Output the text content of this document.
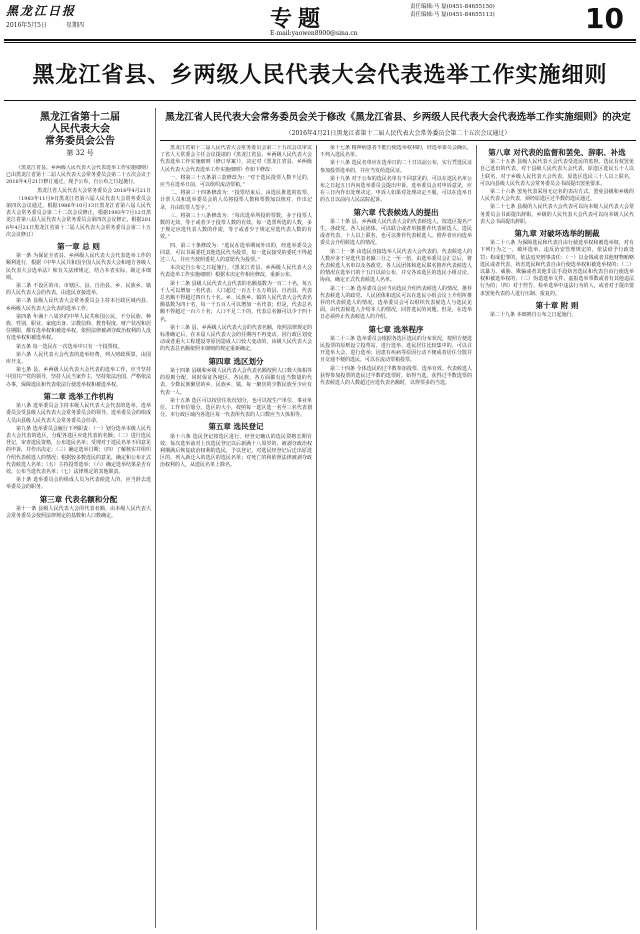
黑龙江日报
2016年5月5日	星期四	专题
E-mail:yaowen8900@sina.cn
责任编辑:马 磊(0451-84655150)
责任编辑:马 磊(0451-84655113)	10
黑龙江省县、乡两级人民代表大会代表选举工作实施细则
黑龙江省第十二届
人民代表大会
常务委员会公告
第 32 号
黑龙江省人民代表大会常务委员会关于修改《黑龙江省县、乡两级人民代表大会代表选举工作实施细则》的决定
（2016年4月21日黑龙江省第十二届人民代表大会常务委员会第二十五次会议通过）

《黑龙江省县、乡两级人民代表大会代表选举工作实施细则》已由黑龙江省第十二届人民代表大会常务委员会第二十五次会议于2016年4月21日修订通过，现予公布，自公布之日起施行。

黑龙江省人民代表大会常务委员会 2016年4月21日

（1983年11月9日黑龙江省第六届人民代表大会常务委员会第四次会议通过，根据1986年10月13日黑龙江省第六届人民代表大会常务委员会第二十二次会议修正，根据1993年7月12日黑龙江省第八届人民代表大会常务委员会第四次会议修正，根据2016年4月21日黑龙江省第十二届人民代表大会常务委员会第二十五次会议修订）

第一章 总 则

第一条 为保证全省县、乡两级人民代表大会代表选举工作的顺利进行，根据《中华人民共和国全国人民代表大会和地方各级人民代表大会选举法》和有关法律规定，结合本省实际，制定本细则。

第二条 不设区的市、市辖区、县、自治县、乡、民族乡、镇的人民代表大会的代表，由选民直接选举。

第三条 县级人民代表大会常务委员会主持本行政区域内县、乡两级人民代表大会代表的选举工作。

第四条 年满十八周岁的中华人民共和国公民，不分民族、种族、性别、职业、家庭出身、宗教信仰、教育程度、财产状况和居住期限，都有选举权和被选举权。依照法律被剥夺政治权利的人没有选举权和被选举权。

第五条 每一选民在一次选举中只有一个投票权。

第六条 人民代表大会代表的选举经费，列入财政预算，由国库开支。

第七条 县、乡两级人民代表大会代表的选举工作，应当坚持中国共产党的领导，坚持人民当家作主，坚持依法治国，严格依法办事，保障选民和代表依法行使选举权和被选举权。

第二章 选举工作机构

第八条 选举委员会主持本级人民代表大会代表的选举。选举委员会受县级人民代表大会常务委员会的领导。选举委员会的组成人员由县级人民代表大会常务委员会任命。

第九条 选举委员会履行下列职责：（一）划分选举本级人民代表大会代表的选区，分配各选区应选代表的名额；（二）进行选民登记，审查选民资格，公布选民名单；受理对于选民名单不同意见的申诉，并作出决定；（三）确定选举日期；（四）了解核实并组织介绍代表候选人的情况；根据较多数选民的意见，确定和公布正式代表候选人名单；（五）主持投票选举；（六）确定选举结果是否有效，公布当选代表名单；（七）法律规定的其他职责。

第十条 选举委员会的组成人员为代表候选人的，应当辞去选举委员会的职务。

第三章 代表名额和分配

第十一条 县级人民代表大会的代表名额，由本级人民代表大会常务委员会按照法律规定的基数和人口数确定。

黑龙江省第十二届人民代表大会常务委员会第二十五次会议审议了省人大常委会主任会议提请的《黑龙江省县、乡两级人民代表大会代表选举工作实施细则（修订草案）》，决定对《黑龙江省县、乡两级人民代表大会代表选举工作实施细则》作如下修改：

一、将第三十五条第三款修改为：“对于选民投票人数不足的，应当在选举日前，可以组织流动票箱。”

二、将第三十四条修改为：“投票结束后，由选民推选的监票、计票人员和选举委员会的人员将投票人数和票数加以核对，作出记录，并由监票人签字。”

三、将第三十八条修改为：“每次选举所投的票数，多于投票人数的无效，等于或者少于投票人数的有效。每一选票所选的人数，多于规定应选代表人数的作废，等于或者少于规定应选代表人数的有效。”

四、第三十条修改为：“选民在选举期间外出的，经选举委员会同意，可以书面委托其他选民代为投票。每一选民接受的委托不得超过三人，并应当按照委托人的意愿代为投票。”

本决定自公布之日起施行。《黑龙江省县、乡两级人民代表大会代表选举工作实施细则》根据本决定作相应修改，重新公布。

第十二条 县级人民代表大会代表的名额基数为一百二十名，每五千人可以增加一名代表；人口超过一百五十五万的县、自治县，代表总名额不得超过四百五十名。乡、民族乡、镇的人民代表大会代表名额基数为四十名，每一千五百人可以增加一名代表；但是，代表总名额不得超过一百六十名；人口不足二千的，代表总名额可以少于四十名。

第十三条 县、乡两级人民代表大会的代表名额，依照法律规定的标准确定后，在本届人民代表大会的任期内不再变动。因行政区划变动或者重大工程建设等原因造成人口较大变动的，该级人民代表大会的代表总名额依照本细则的规定重新确定。

第四章 选区划分

第十四条 县级和乡级人民代表大会代表名额按照人口数大体相等的原则分配，同时保证各地区、各民族、各方面都有适当数量的代表。少数民族聚居的乡、民族乡、镇，每一聚居的少数民族至少应有代表一人。

第十五条 选区可以按居住状况划分，也可以按生产单位、事业单位、工作单位划分。选区的大小，按照每一选区选一名至三名代表划分。本行政区域内各选区每一代表所代表的人口数应当大体相等。

第五章 选民登记

第十六条 选民登记按选区进行，经登记确认的选民资格长期有效。每次选举前对上次选民登记以后新满十八周岁的、被剥夺政治权利期满后恢复政治权利的选民，予以登记。对选民经登记后迁出原选区的，列入新迁入的选区的选民名单；对死亡的和依照法律被剥夺政治权利的人，从选民名单上除名。

第十七条 精神病患者不能行使选举权利的，经选举委员会确认，不列入选民名单。

第十八条 选民名单应在选举日的二十日以前公布，实行凭选民证参加投票选举的，并应当发给选民证。

第十九条 对于公布的选民名单有不同意见的，可以在选民名单公布之日起五日内向选举委员会提出申诉。选举委员会对申诉意见，应在三日内作出处理决定。申诉人如果对处理决定不服，可以在选举日的五日以前向人民法院起诉。

第六章 代表候选人的提出

第二十条 县、乡两级人民代表大会的代表候选人，按选区提名产生。各政党、各人民团体，可以联合或者单独推荐代表候选人。选民或者代表，十人以上联名，也可以推荐代表候选人。推荐者应向选举委员会介绍候选人的情况。

第二十一条 由选民直接选举人民代表大会代表的，代表候选人的人数应多于应选代表名额三分之一至一倍。由选举委员会汇总后，将代表候选人名单以及各政党、各人民团体和选民联名推荐代表候选人的情况在选举日的十五日以前公布，并交各该选区的选民小组讨论、协商，确定正式代表候选人名单。

第二十二条 选举委员会应当向选民介绍代表候选人的情况。推荐代表候选人的政党、人民团体和选民可以在选民小组会议上介绍所推荐的代表候选人的情况。选举委员会可以组织代表候选人与选民见面，由代表候选人介绍本人的情况，回答选民的问题。但是，在选举日必须停止代表候选人的介绍。

第七章 选举程序

第二十三条 选举委员会根据各选区选民的分布状况，按照方便选民投票的原则设立投票站，进行选举。选民居住比较集中的，可以召开选举大会，进行选举；因患有疾病等原因行动不便或者居住分散并且交通不便的选民，可以在流动票箱投票。

第二十四条 全体选民的过半数参加投票，选举有效。代表候选人获得参加投票的选民过半数的选票时，始得当选。获得过半数选票的代表候选人的人数超过应选代表名额时，以得票多的当选。

第八章 对代表的监督和罢免、辞职、补选

第二十五条 县级人民代表大会代表受选民的监督。选民有权罢免自己选出的代表。对于县级人民代表大会代表，原选区选民五十人以上联名，对于乡级人民代表大会代表，原选区选民三十人以上联名，可以向县级人民代表大会常务委员会书面提出罢免要求。

第二十六条 罢免代表采用无记名的表决方式。罢免县级和乡级的人民代表大会代表，须经原选区过半数的选民通过。

第二十七条 县级的人民代表大会代表可以向本级人民代表大会常务委员会书面提出辞职。乡级的人民代表大会代表可以向本级人民代表大会书面提出辞职。

第九章 对破坏选举的制裁

第二十八条 为保障选民和代表自由行使选举权和被选举权，对有下列行为之一，破坏选举，违反治安管理规定的，依法给予行政处罚；构成犯罪的，依法追究刑事责任：（一）以金钱或者其他财物贿赂选民或者代表，妨害选民和代表自由行使选举权和被选举权的；（二）以暴力、威胁、欺骗或者其他非法手段妨害选民和代表自由行使选举权和被选举权的；（三）伪造选举文件、虚报选举票数或者有其他违法行为的；（四）对于控告、检举选举中违法行为的人，或者对于提出要求罢免代表的人进行压制、报复的。

第十章 附 则

第二十九条 本细则自公布之日起施行。
